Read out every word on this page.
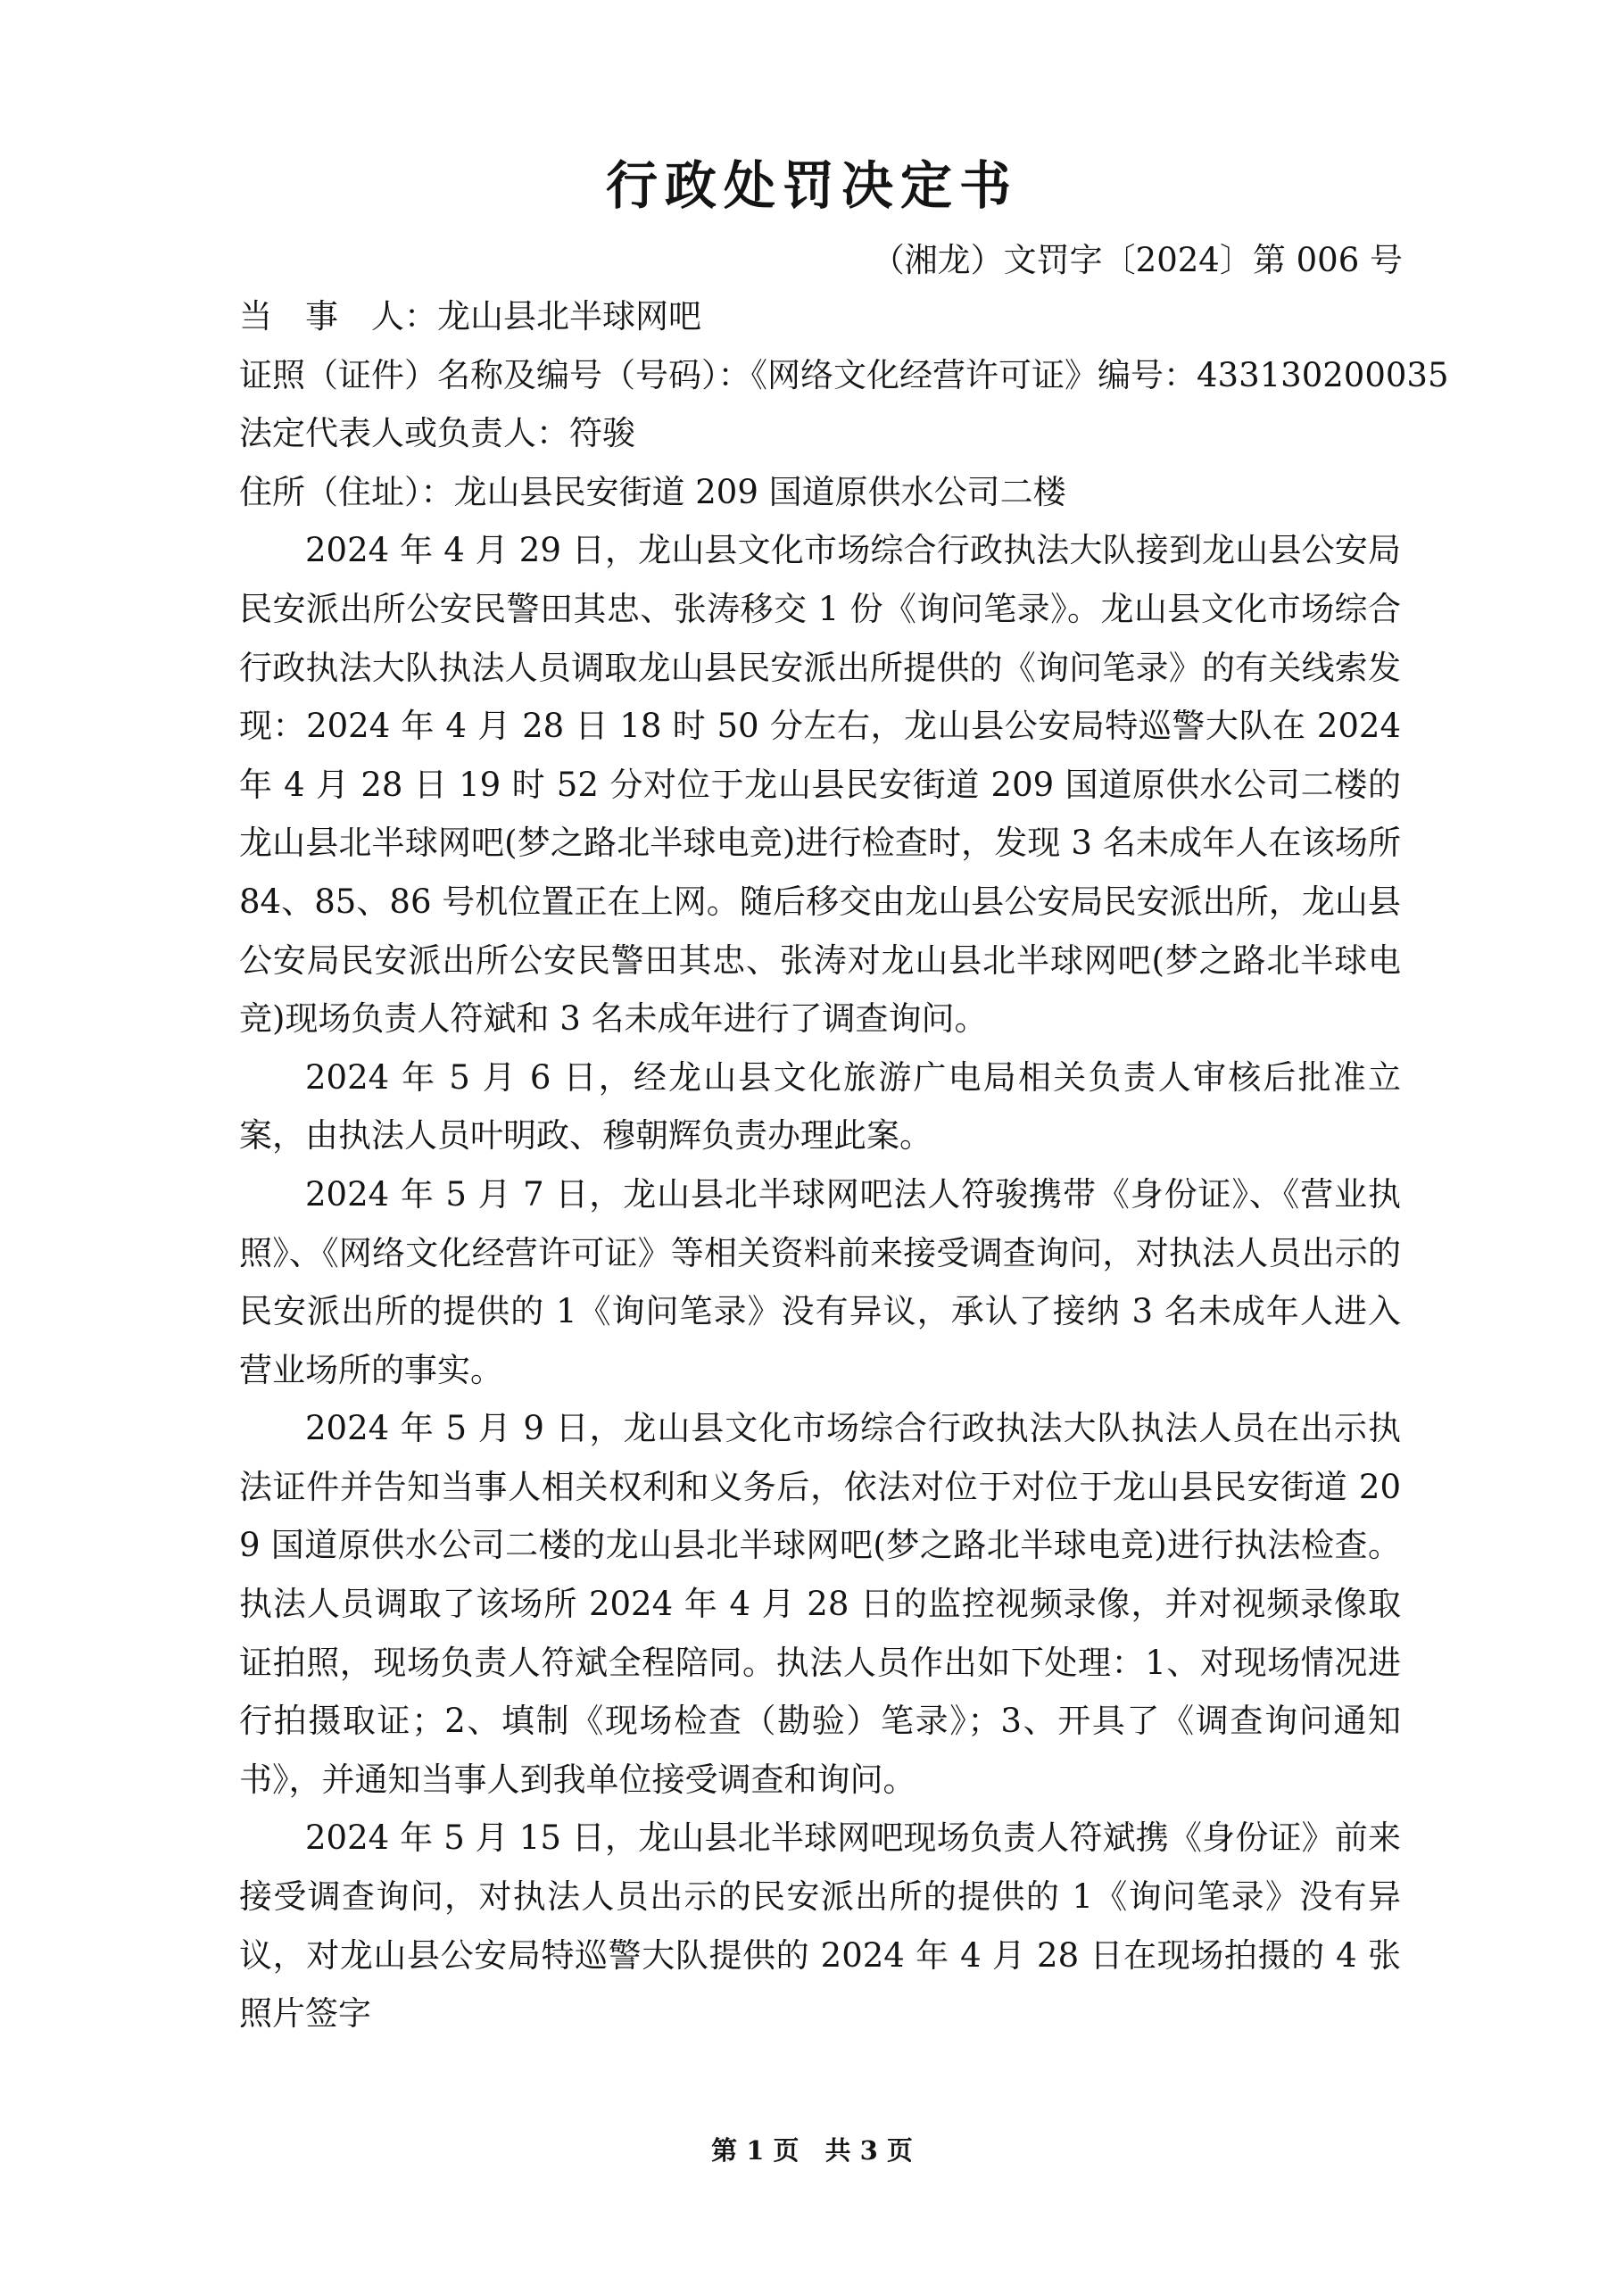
行政处罚决定书

（湘龙）文罚字〔2024〕第 006 号

当　事　人：龙山县北半球网吧

证照（证件）名称及编号（号码）：《网络文化经营许可证》编号：433130200035

法定代表人或负责人：符骏

住所（住址）：龙山县民安街道 209 国道原供水公司二楼

2024 年 4 月 29 日，龙山县文化市场综合行政执法大队接到龙山县公安局民安派出所公安民警田其忠、张涛移交 1 份《询问笔录》。龙山县文化市场综合行政执法大队执法人员调取龙山县民安派出所提供的《询问笔录》的有关线索发现：2024 年 4 月 28 日 18 时 50 分左右，龙山县公安局特巡警大队在 2024 年 4 月 28 日 19 时 52 分对位于龙山县民安街道 209 国道原供水公司二楼的龙山县北半球网吧(梦之路北半球电竞)进行检查时，发现 3 名未成年人在该场所 84、85、86 号机位置正在上网。随后移交由龙山县公安局民安派出所，龙山县公安局民安派出所公安民警田其忠、张涛对龙山县北半球网吧(梦之路北半球电竞)现场负责人符斌和 3 名未成年进行了调查询问。

2024 年 5 月 6 日，经龙山县文化旅游广电局相关负责人审核后批准立案，由执法人员叶明政、穆朝辉负责办理此案。

2024 年 5 月 7 日，龙山县北半球网吧法人符骏携带《身份证》、《营业执照》、《网络文化经营许可证》等相关资料前来接受调查询问，对执法人员出示的民安派出所的提供的 1《询问笔录》没有异议，承认了接纳 3 名未成年人进入营业场所的事实。

2024 年 5 月 9 日，龙山县文化市场综合行政执法大队执法人员在出示执法证件并告知当事人相关权利和义务后，依法对位于对位于龙山县民安街道 209 国道原供水公司二楼的龙山县北半球网吧(梦之路北半球电竞)进行执法检查。执法人员调取了该场所 2024 年 4 月 28 日的监控视频录像，并对视频录像取证拍照，现场负责人符斌全程陪同。执法人员作出如下处理：1、对现场情况进行拍摄取证；2、填制《现场检查（勘验）笔录》；3、开具了《调查询问通知书》，并通知当事人到我单位接受调查和询问。

2024 年 5 月 15 日，龙山县北半球网吧现场负责人符斌携《身份证》前来接受调查询问，对执法人员出示的民安派出所的提供的 1《询问笔录》没有异议，对龙山县公安局特巡警大队提供的 2024 年 4 月 28 日在现场拍摄的 4 张照片签字

第 1 页　共 3 页
